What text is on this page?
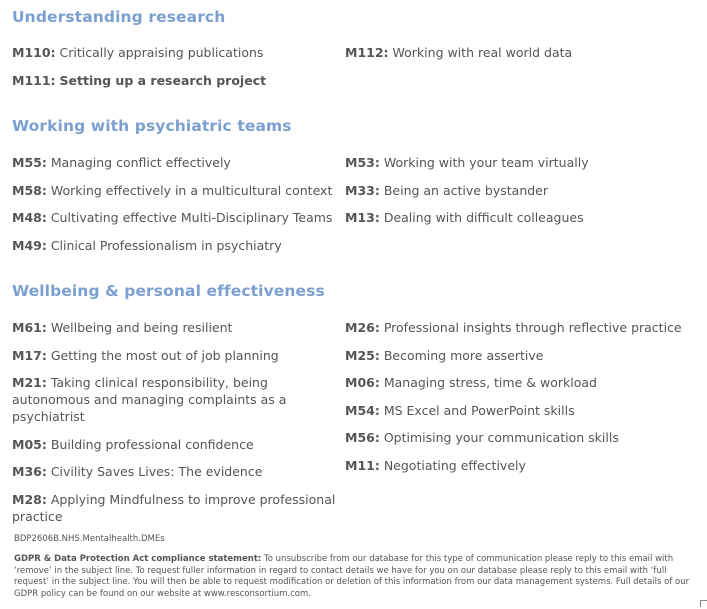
Understanding research
M110: Critically appraising publications
M111: Setting up a research project
M112: Working with real world data
Working with psychiatric teams
M55: Managing conflict effectively
M58: Working effectively in a multicultural context
M48: Cultivating effective Multi-Disciplinary Teams
M49: Clinical Professionalism in psychiatry
M53: Working with your team virtually
M33: Being an active bystander
M13: Dealing with difficult colleagues
Wellbeing & personal effectiveness
M61: Wellbeing and being resilient
M17: Getting the most out of job planning
M21: Taking clinical responsibility, being autonomous and managing complaints as a psychiatrist
M05: Building professional confidence
M36: Civility Saves Lives: The evidence
M28: Applying Mindfulness to improve professional practice
M26: Professional insights through reflective practice
M25: Becoming more assertive
M06: Managing stress, time & workload
M54: MS Excel and PowerPoint skills
M56: Optimising your communication skills
M11: Negotiating effectively
BDP2606B.NHS.Mentalhealth.DMEs
GDPR & Data Protection Act compliance statement: To unsubscribe from our database for this type of communication please reply to this email with ‘remove’ in the subject line. To request fuller information in regard to contact details we have for you on our database please reply to this email with ‘full request’ in the subject line. You will then be able to request modification or deletion of this information from our data management systems. Full details of our GDPR policy can be found on our website at www.resconsortium.com.
